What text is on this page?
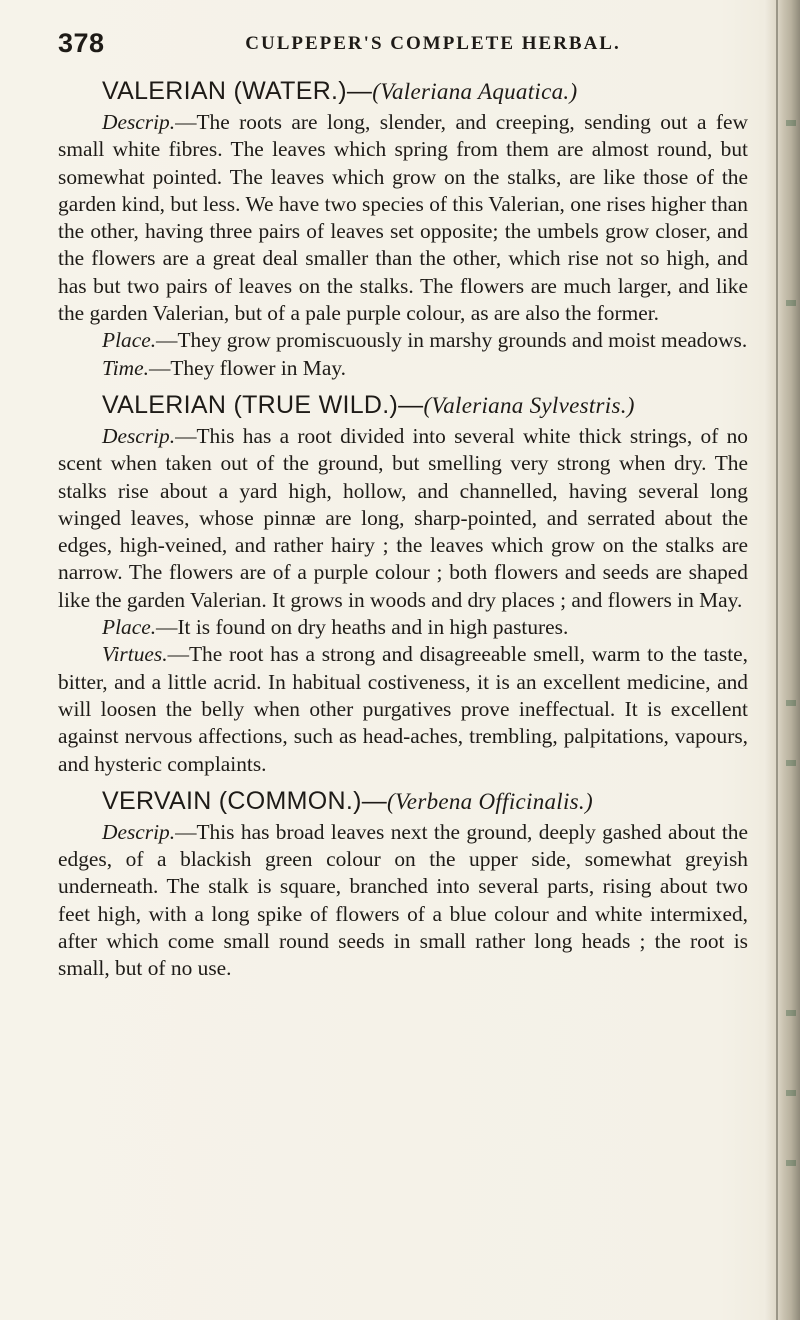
378	CULPEPER'S COMPLETE HERBAL.
VALERIAN (WATER.)—(Valeriana Aquatica.)

Descrip.—The roots are long, slender, and creeping, sending out a few small white fibres. The leaves which spring from them are almost round, but somewhat pointed. The leaves which grow on the stalks, are like those of the garden kind, but less. We have two species of this Valerian, one rises higher than the other, having three pairs of leaves set opposite; the umbels grow closer, and the flowers are a great deal smaller than the other, which rise not so high, and has but two pairs of leaves on the stalks. The flowers are much larger, and like the garden Valerian, but of a pale purple colour, as are also the former.

Place.—They grow promiscuously in marshy grounds and moist meadows.

Time.—They flower in May.

VALERIAN (TRUE WILD.)—(Valeriana Sylvestris.)

Descrip.—This has a root divided into several white thick strings, of no scent when taken out of the ground, but smelling very strong when dry. The stalks rise about a yard high, hollow, and channelled, having several long winged leaves, whose pinnæ are long, sharp-pointed, and serrated about the edges, high-veined, and rather hairy ; the leaves which grow on the stalks are narrow. The flowers are of a purple colour ; both flowers and seeds are shaped like the garden Valerian. It grows in woods and dry places ; and flowers in May.

Place.—It is found on dry heaths and in high pastures.

Virtues.—The root has a strong and disagreeable smell, warm to the taste, bitter, and a little acrid. In habitual costiveness, it is an excellent medicine, and will loosen the belly when other purgatives prove ineffectual. It is excellent against nervous affections, such as head-aches, trembling, palpitations, vapours, and hysteric complaints.

VERVAIN (COMMON.)—(Verbena Officinalis.)

Descrip.—This has broad leaves next the ground, deeply gashed about the edges, of a blackish green colour on the upper side, somewhat greyish underneath. The stalk is square, branched into several parts, rising about two feet high, with a long spike of flowers of a blue colour and white intermixed, after which come small round seeds in small rather long heads ; the root is small, but of no use.
